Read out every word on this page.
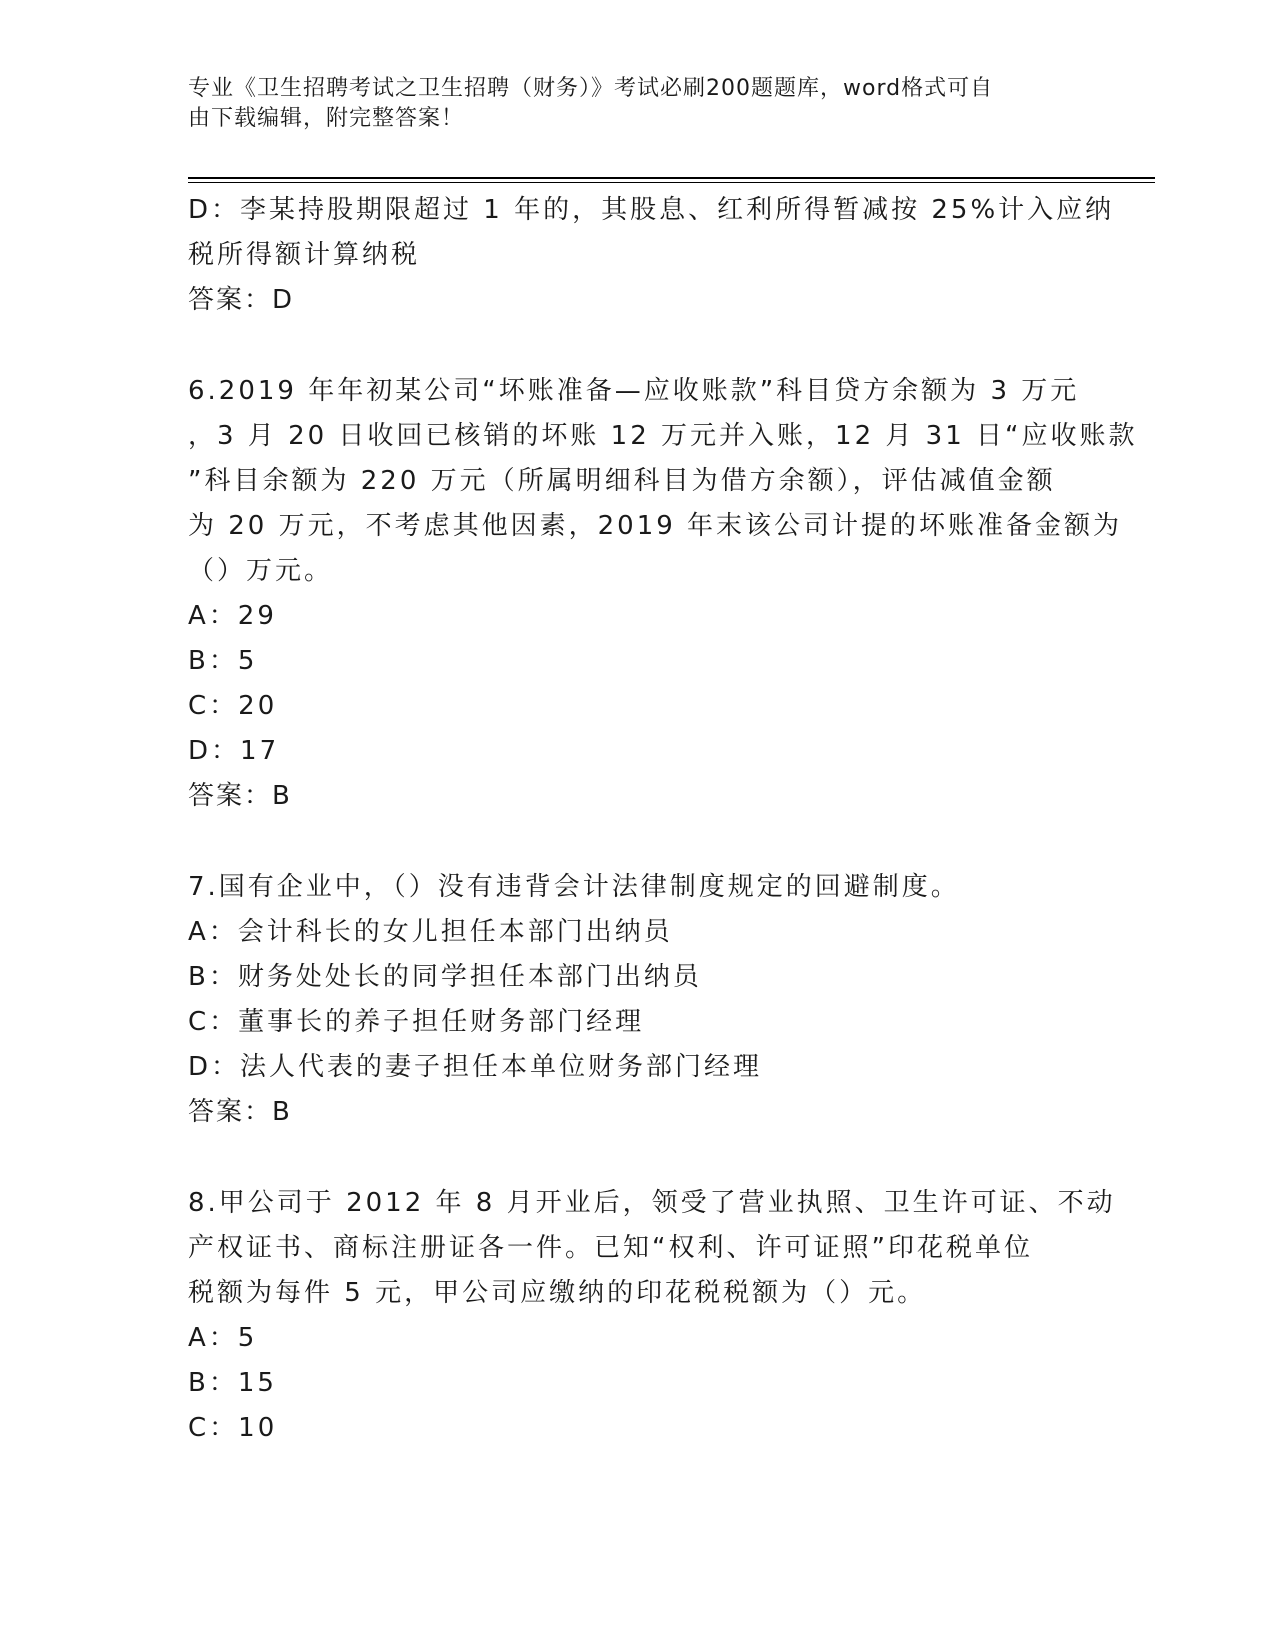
专业《卫生招聘考试之卫生招聘（财务）》考试必刷200题题库，word格式可自
由下载编辑，附完整答案！
D：李某持股期限超过 1 年的，其股息、红利所得暂减按 25%计入应纳
税所得额计算纳税
答案：D
6.2019 年年初某公司“坏账准备—应收账款”科目贷方余额为 3 万元
，3 月 20 日收回已核销的坏账 12 万元并入账，12 月 31 日“应收账款
”科目余额为 220 万元（所属明细科目为借方余额），评估减值金额
为 20 万元，不考虑其他因素，2019 年末该公司计提的坏账准备金额为
（）万元。
A：29
B：5
C：20
D：17
答案：B
7.国有企业中，（）没有违背会计法律制度规定的回避制度。
A：会计科长的女儿担任本部门出纳员
B：财务处处长的同学担任本部门出纳员
C：董事长的养子担任财务部门经理
D：法人代表的妻子担任本单位财务部门经理
答案：B
8.甲公司于 2012 年 8 月开业后，领受了营业执照、卫生许可证、不动
产权证书、商标注册证各一件。已知“权利、许可证照”印花税单位
税额为每件 5 元，甲公司应缴纳的印花税税额为（）元。
A：5
B：15
C：10
